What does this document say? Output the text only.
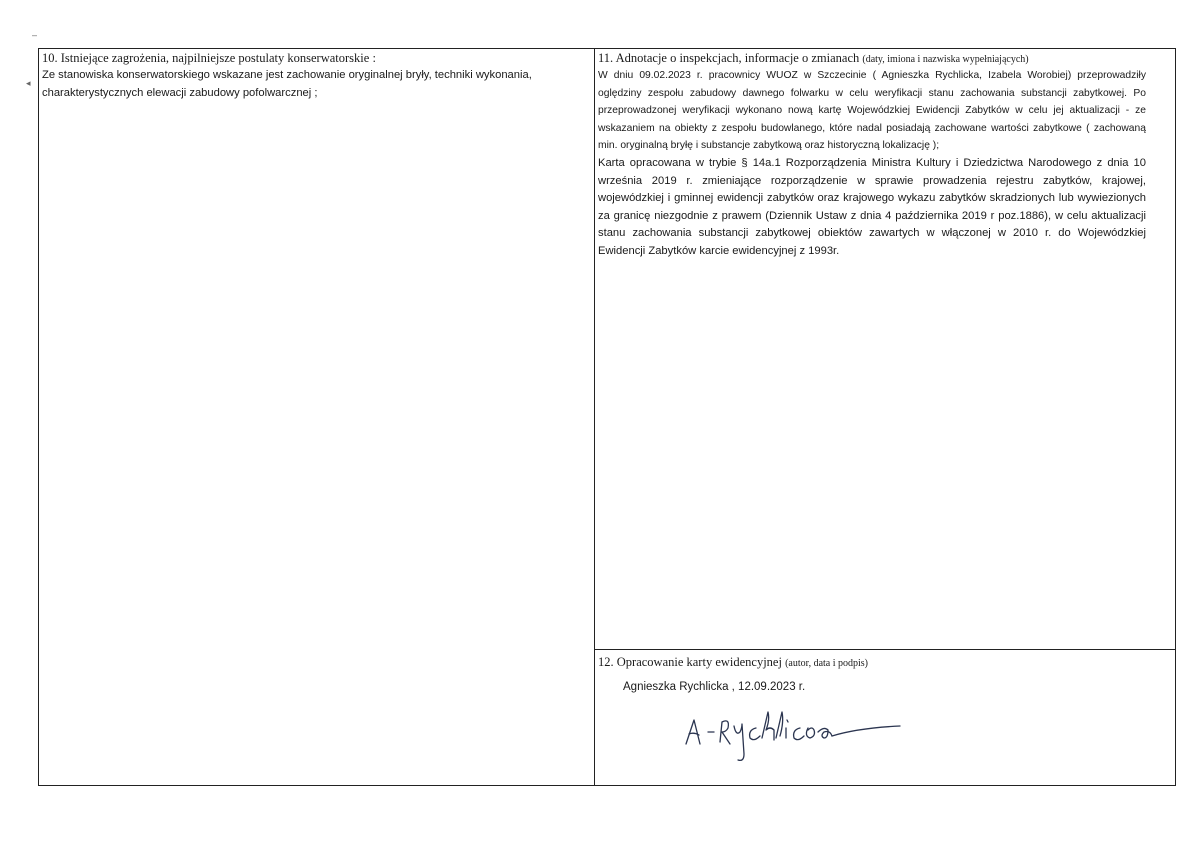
–
◂
10. Istniejące zagrożenia, najpilniejsze postulaty konserwatorskie :
Ze stanowiska konserwatorskiego wskazane jest zachowanie oryginalnej bryły, techniki wykonania, charakterystycznych elewacji zabudowy pofolwarcznej ;
11. Adnotacje o inspekcjach, informacje o zmianach (daty, imiona i nazwiska wypełniających)

W dniu 09.02.2023 r. pracownicy WUOZ w Szczecinie ( Agnieszka Rychlicka, Izabela Worobiej) przeprowadziły oględziny zespołu zabudowy dawnego folwarku w celu weryfikacji stanu zachowania substancji zabytkowej. Po przeprowadzonej weryfikacji wykonano nową kartę Wojewódzkiej Ewidencji Zabytków w celu jej aktualizacji - ze wskazaniem na obiekty z zespołu budowlanego, które nadal posiadają zachowane wartości zabytkowe ( zachowaną min. oryginalną bryłę i substancje zabytkową oraz historyczną lokalizację );

Karta opracowana w trybie § 14a.1 Rozporządzenia Ministra Kultury i Dziedzictwa Narodowego z dnia 10 września 2019 r. zmieniające rozporządzenie w sprawie prowadzenia rejestru zabytków, krajowej, wojewódzkiej i gminnej ewidencji zabytków oraz krajowego wykazu zabytków skradzionych lub wywiezionych za granicę niezgodnie z prawem (Dziennik Ustaw z dnia 4 października 2019 r poz.1886), w celu aktualizacji stanu zachowania substancji zabytkowej obiektów zawartych w włączonej w 2010 r. do Wojewódzkiej Ewidencji Zabytków karcie ewidencyjnej z 1993r.

12. Opracowanie karty ewidencyjnej (autor, data i podpis)
Agnieszka Rychlicka , 12.09.2023 r.
